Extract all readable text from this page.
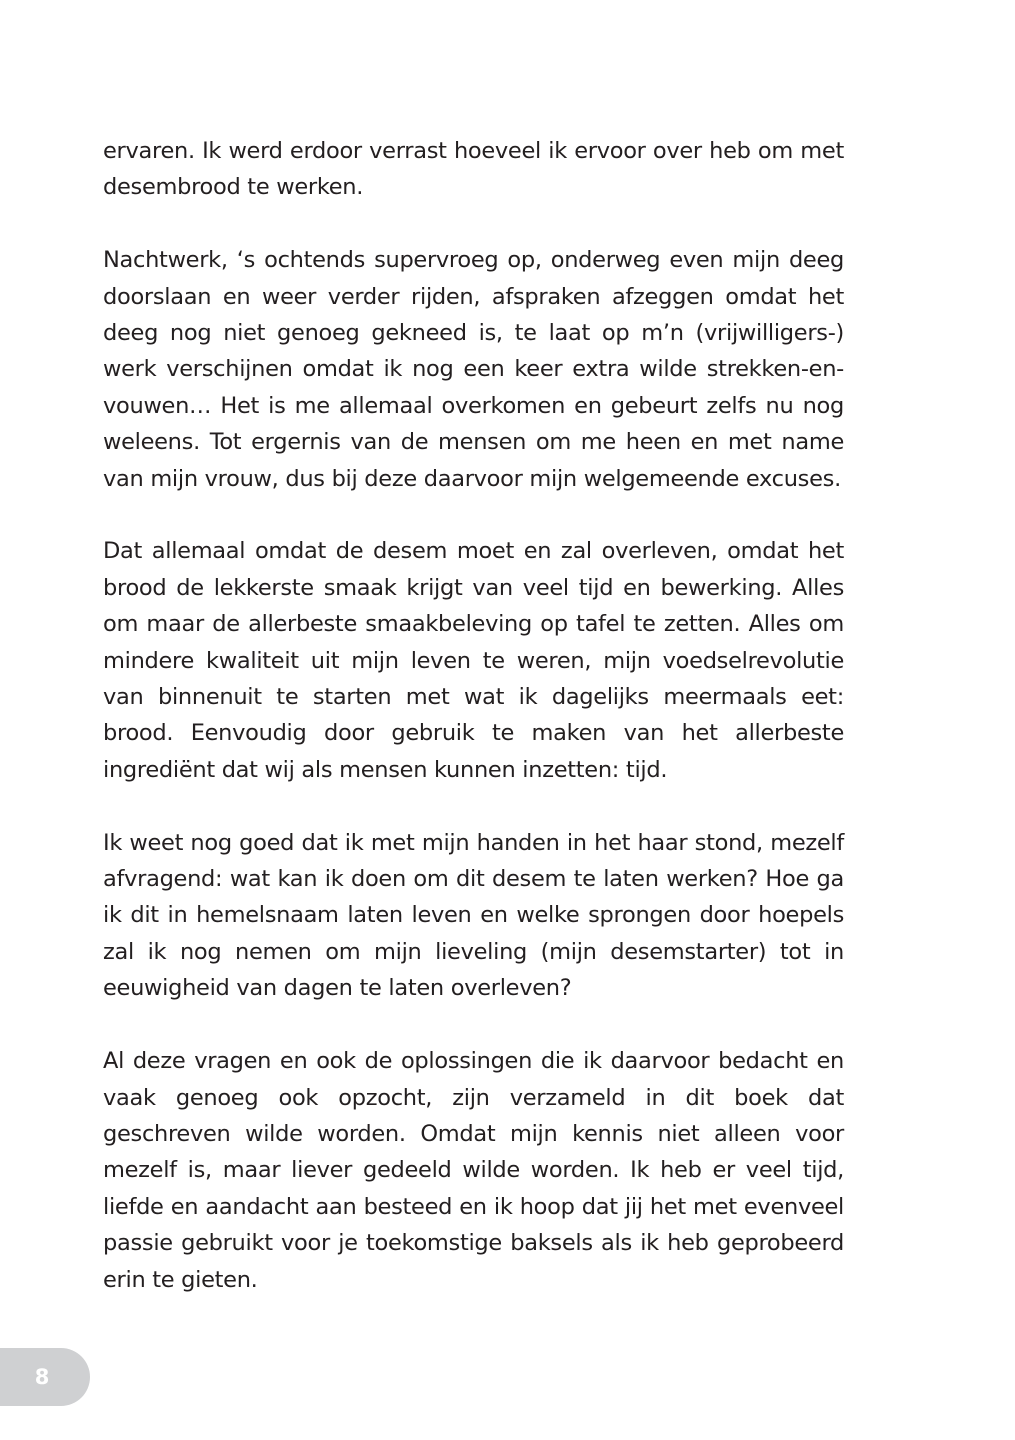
ervaren. Ik werd erdoor verrast hoeveel ik ervoor over heb om met desembrood te werken.

Nachtwerk, ‘s ochtends supervroeg op, onderweg even mijn deeg doorslaan en weer verder rijden, afspraken afzeggen omdat het deeg nog niet genoeg gekneed is, te laat op m’n (vrijwilligers-) werk verschijnen omdat ik nog een keer extra wilde strekken-en-vouwen… Het is me allemaal overkomen en gebeurt zelfs nu nog weleens. Tot ergernis van de mensen om me heen en met name van mijn vrouw, dus bij deze daarvoor mijn welgemeende excuses.

Dat allemaal omdat de desem moet en zal overleven, omdat het brood de lekkerste smaak krijgt van veel tijd en bewerking. Alles om maar de allerbeste smaakbeleving op tafel te zetten. Alles om mindere kwaliteit uit mijn leven te weren, mijn voedselrevolutie van binnenuit te starten met wat ik dagelijks meermaals eet: brood. Eenvoudig door gebruik te maken van het allerbeste ingrediënt dat wij als mensen kunnen inzetten: tijd.

Ik weet nog goed dat ik met mijn handen in het haar stond, mezelf afvragend: wat kan ik doen om dit desem te laten werken? Hoe ga ik dit in hemelsnaam laten leven en welke sprongen door hoepels zal ik nog nemen om mijn lieveling (mijn desemstarter) tot in eeuwigheid van dagen te laten overleven?

Al deze vragen en ook de oplossingen die ik daarvoor bedacht en vaak genoeg ook opzocht, zijn verzameld in dit boek dat geschreven wilde worden. Omdat mijn kennis niet alleen voor mezelf is, maar liever gedeeld wilde worden. Ik heb er veel tijd, liefde en aandacht aan besteed en ik hoop dat jij het met evenveel passie gebruikt voor je toekomstige baksels als ik heb geprobeerd erin te gieten.

8
